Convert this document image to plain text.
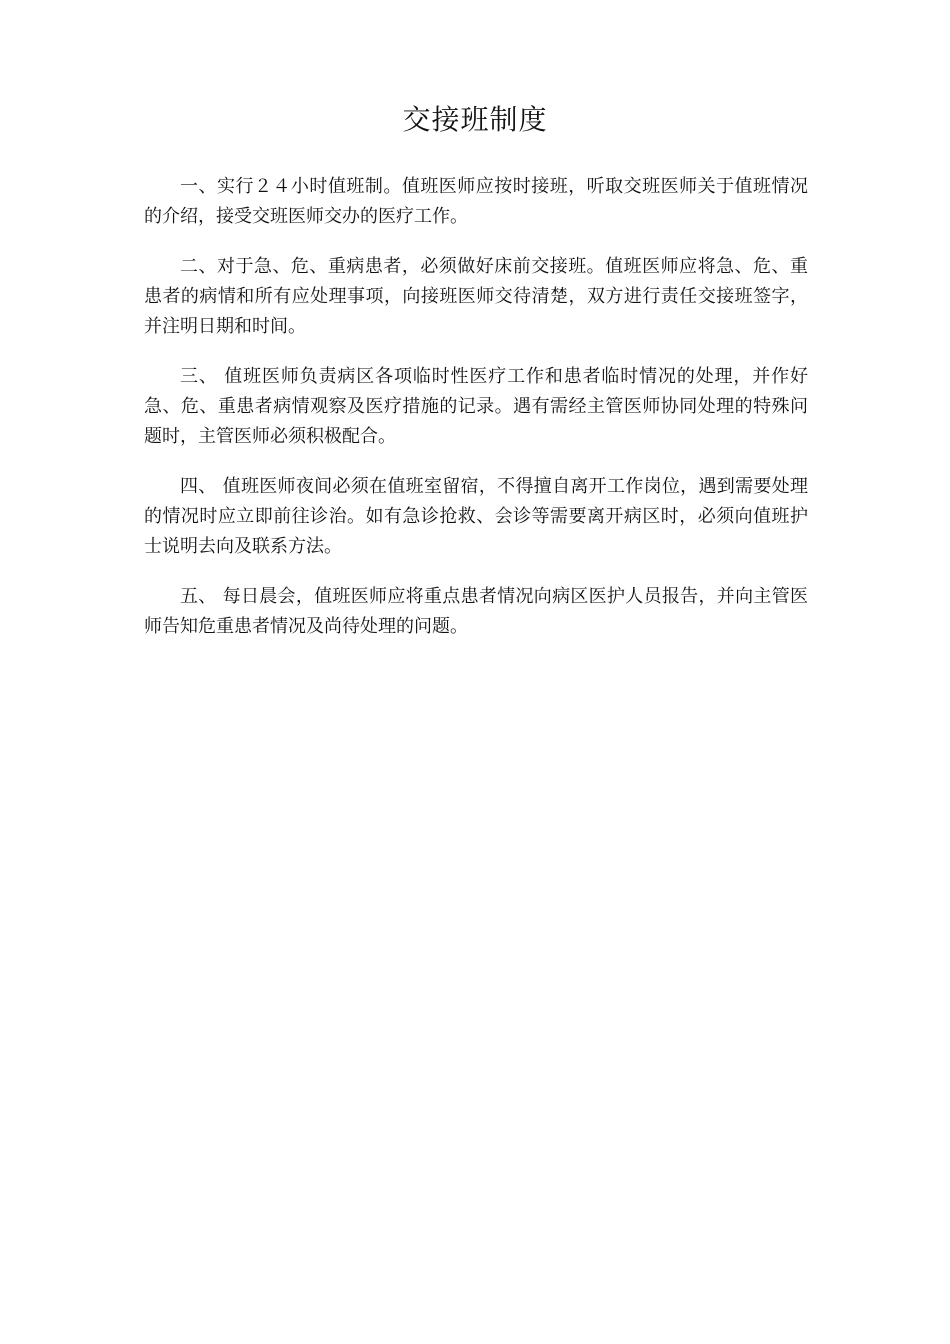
交接班制度

一、实行２４小时值班制。值班医师应按时接班，听取交班医师关于值班情况的介绍，接受交班医师交办的医疗工作。

二、对于急、危、重病患者，必须做好床前交接班。值班医师应将急、危、重患者的病情和所有应处理事项，向接班医师交待清楚，双方进行责任交接班签字，并注明日期和时间。

三、 值班医师负责病区各项临时性医疗工作和患者临时情况的处理，并作好急、危、重患者病情观察及医疗措施的记录。遇有需经主管医师协同处理的特殊问题时，主管医师必须积极配合。

四、 值班医师夜间必须在值班室留宿，不得擅自离开工作岗位，遇到需要处理的情况时应立即前往诊治。如有急诊抢救、会诊等需要离开病区时，必须向值班护士说明去向及联系方法。

五、 每日晨会，值班医师应将重点患者情况向病区医护人员报告，并向主管医师告知危重患者情况及尚待处理的问题。
